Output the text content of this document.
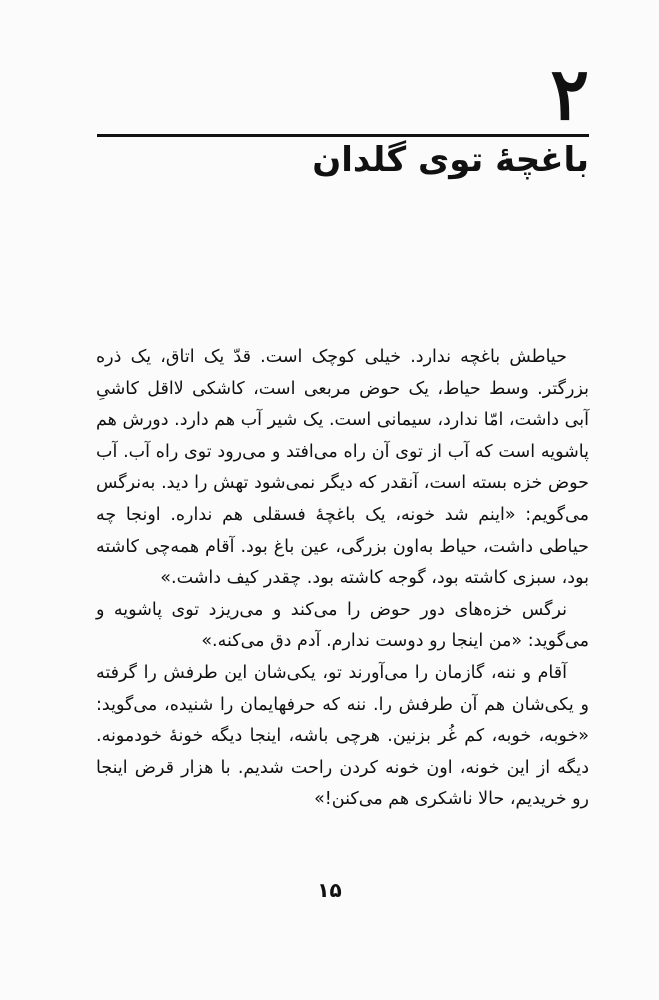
۲
باغچهٔ توی گلدان

حیاطش باغچه ندارد. خیلی کوچک است. قدّ یک اتاق، یک ذره بزرگتر. وسط حیاط، یک حوض مربعی است، کاشکی لااقل کاشیِ آبی داشت، امّا ندارد، سیمانی است. یک شیر آب هم دارد. دورش هم پاشویه است که آب از توی آن راه می‌افتد و می‌رود توی راه آب. آب حوض خزه بسته است، آنقدر که دیگر نمی‌شود تهش را دید. به‌نرگس می‌گویم: «اینم شد خونه، یک باغچهٔ فسقلی هم نداره. اونجا چه حیاطی داشت، حیاط به‌اون بزرگی، عین باغ بود. آقام همه‌چی کاشته بود، سبزی کاشته بود، گوجه کاشته بود. چقدر کیف داشت.»

نرگس خزه‌های دور حوض را می‌کند و می‌ریزد توی پاشویه و می‌گوید: «من اینجا رو دوست ندارم. آدم دق می‌کنه.»

آقام و ننه، گازمان را می‌آورند تو، یکی‌شان این طرفش را گرفته و یکی‌شان هم آن طرفش را. ننه که حرفهایمان را شنیده، می‌گوید: «خوبه، خوبه، کم غُر بزنین. هرچی باشه، اینجا دیگه خونهٔ خودمونه. دیگه از این خونه، اون خونه کردن راحت شدیم. با هزار قرض اینجا رو خریدیم، حالا ناشکری هم می‌کنن!»

۱۵
